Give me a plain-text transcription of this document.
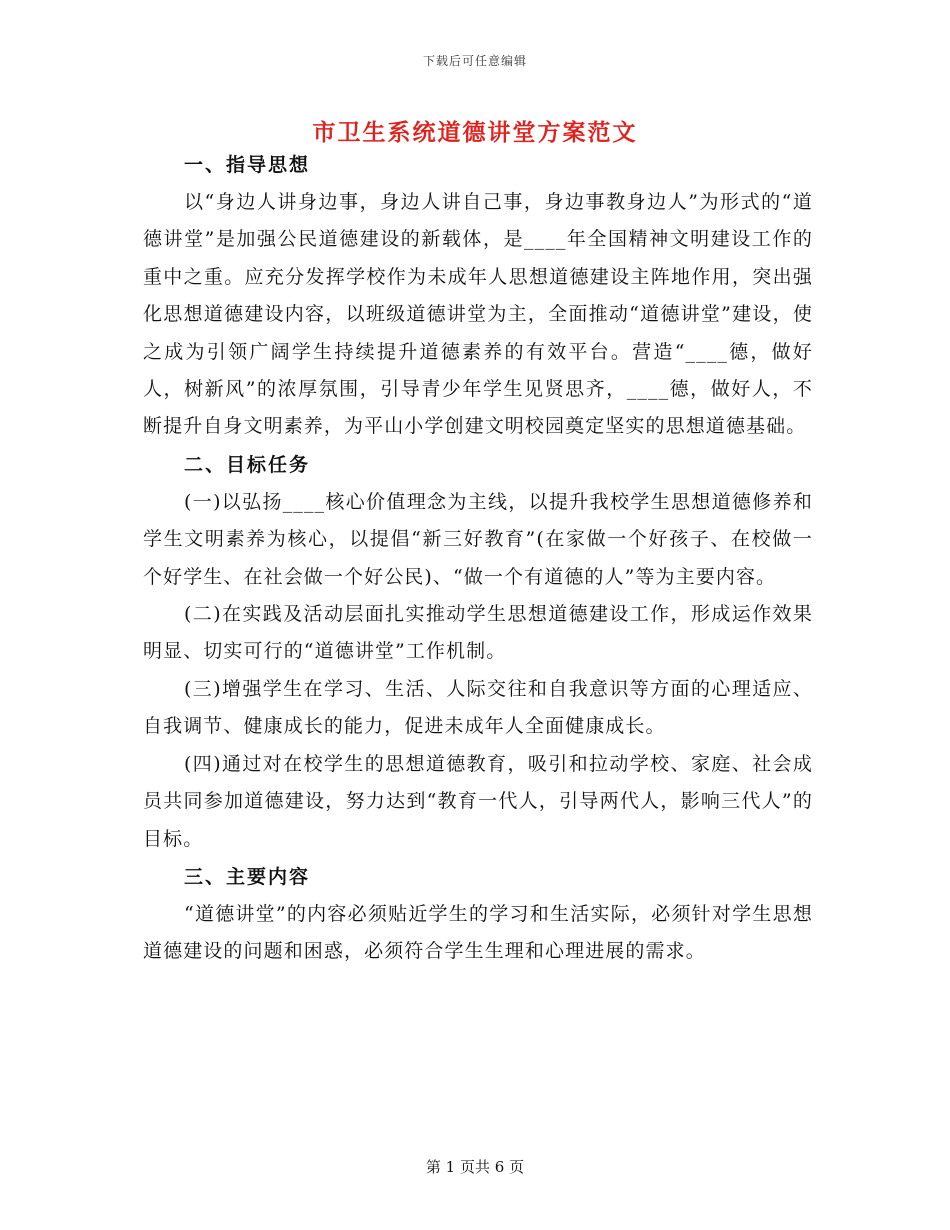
下载后可任意编辑
市卫生系统道德讲堂方案范文
一、指导思想

以“身边人讲身边事，身边人讲自己事，身边事教身边人”为形式的“道德讲堂”是加强公民道德建设的新载体，是____年全国精神文明建设工作的重中之重。应充分发挥学校作为未成年人思想道德建设主阵地作用，突出强化思想道德建设内容，以班级道德讲堂为主，全面推动“道德讲堂”建设，使之成为引领广阔学生持续提升道德素养的有效平台。营造“____德，做好人，树新风”的浓厚氛围，引导青少年学生见贤思齐，____德，做好人，不断提升自身文明素养，为平山小学创建文明校园奠定坚实的思想道德基础。

二、目标任务

(一)以弘扬____核心价值理念为主线，以提升我校学生思想道德修养和学生文明素养为核心，以提倡“新三好教育”(在家做一个好孩子、在校做一个好学生、在社会做一个好公民)、“做一个有道德的人”等为主要内容。

(二)在实践及活动层面扎实推动学生思想道德建设工作，形成运作效果明显、切实可行的“道德讲堂”工作机制。

(三)增强学生在学习、生活、人际交往和自我意识等方面的心理适应、自我调节、健康成长的能力，促进未成年人全面健康成长。

(四)通过对在校学生的思想道德教育，吸引和拉动学校、家庭、社会成员共同参加道德建设，努力达到“教育一代人，引导两代人，影响三代人”的目标。

三、主要内容

“道德讲堂”的内容必须贴近学生的学习和生活实际，必须针对学生思想道德建设的问题和困惑，必须符合学生生理和心理进展的需求。

第 1 页共 6 页
